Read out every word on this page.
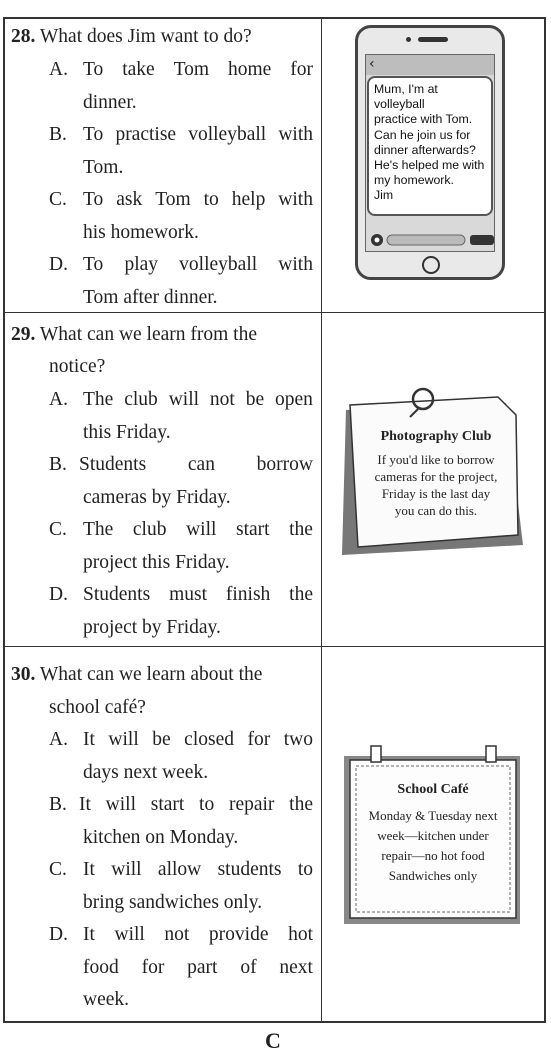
28. What does Jim want to do?
A. To take Tom home for
dinner.
B. To practise volleyball with
Tom.
C. To ask Tom to help with
his homework.
D. To play volleyball with
Tom after dinner.
29. What can we learn from the
notice?
A. The club will not be open
this Friday.
B. Students can borrow
cameras by Friday.
C. The club will start the
project this Friday.
D. Students must finish the
project by Friday.
30. What can we learn about the
school café?
A. It will be closed for two
days next week.
B. It will start to repair the
kitchen on Monday.
C. It will allow students to
bring sandwiches only.
D. It will not provide hot
food for part of next
week.
‹
Mum, I'm at volleyball
practice with Tom.
Can he join us for
dinner afterwards?
He's helped me with
my homework.
Jim
Photography Club
If you'd like to borrow
cameras for the project,
Friday is the last day
you can do this.
School Café
Monday & Tuesday next
week—kitchen under
repair—no hot food
Sandwiches only
C
